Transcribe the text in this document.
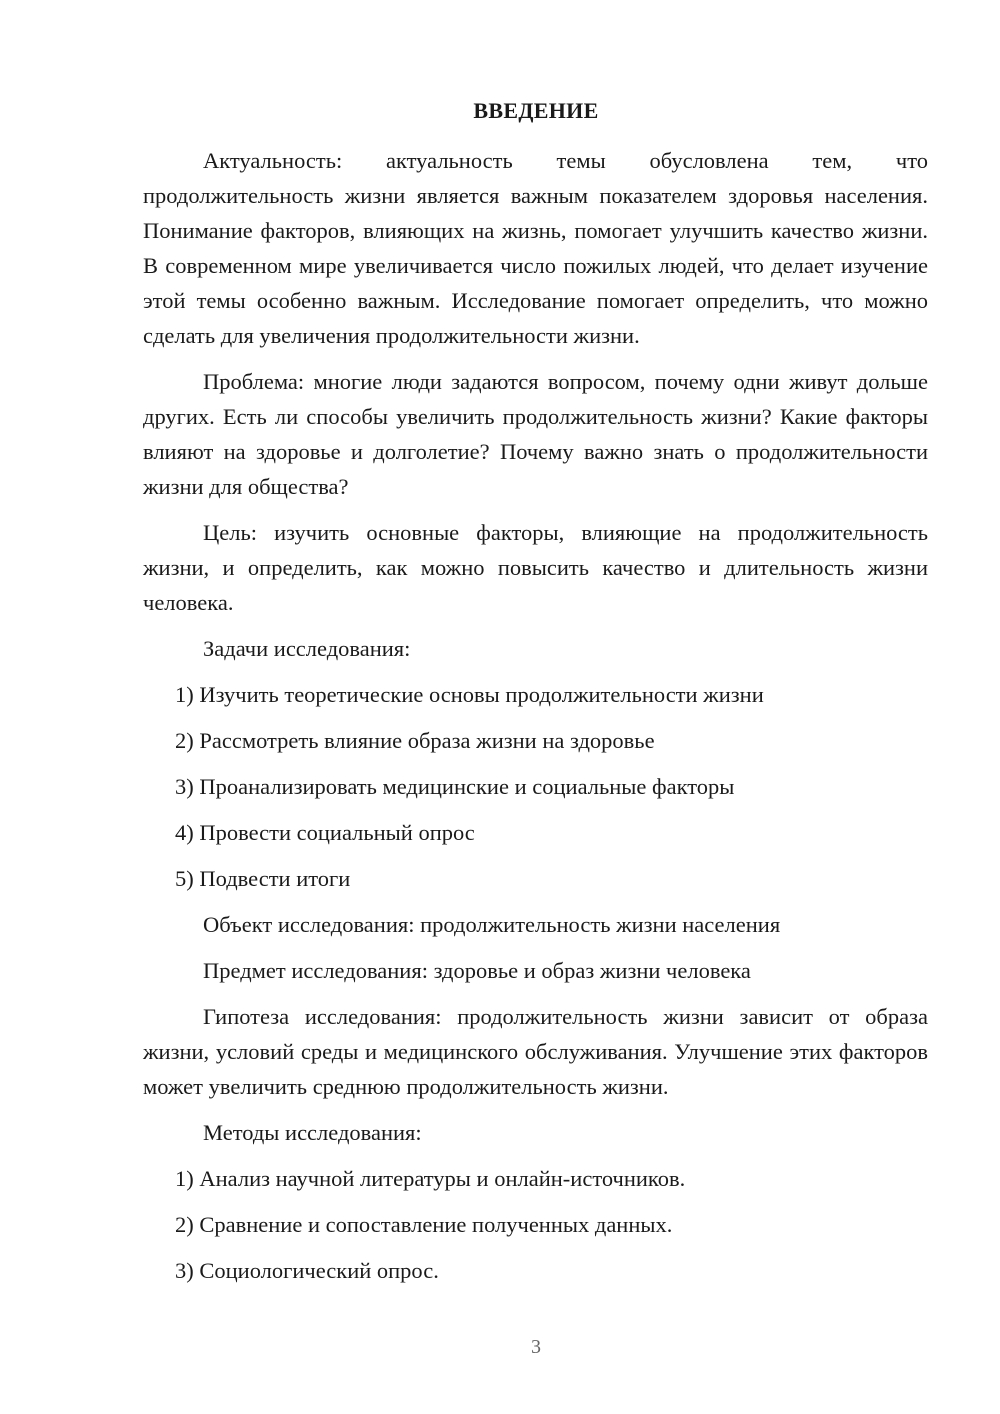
ВВЕДЕНИЕ

Актуальность: актуальность темы обусловлена тем, что продолжительность жизни является важным показателем здоровья населения. Понимание факторов, влияющих на жизнь, помогает улучшить качество жизни. В современном мире увеличивается число пожилых людей, что делает изучение этой темы особенно важным. Исследование помогает определить, что можно сделать для увеличения продолжительности жизни.

Проблема: многие люди задаются вопросом, почему одни живут дольше других. Есть ли способы увеличить продолжительность жизни? Какие факторы влияют на здоровье и долголетие? Почему важно знать о продолжительности жизни для общества?

Цель: изучить основные факторы, влияющие на продолжительность жизни, и определить, как можно повысить качество и длительность жизни человека.

Задачи исследования:

1) Изучить теоретические основы продолжительности жизни

2) Рассмотреть влияние образа жизни на здоровье

3) Проанализировать медицинские и социальные факторы

4) Провести социальный опрос

5) Подвести итоги

Объект исследования: продолжительность жизни населения

Предмет исследования: здоровье и образ жизни человека

Гипотеза исследования: продолжительность жизни зависит от образа жизни, условий среды и медицинского обслуживания. Улучшение этих факторов может увеличить среднюю продолжительность жизни.

Методы исследования:

1) Анализ научной литературы и онлайн-источников.

2) Сравнение и сопоставление полученных данных.

3) Социологический опрос.

3
